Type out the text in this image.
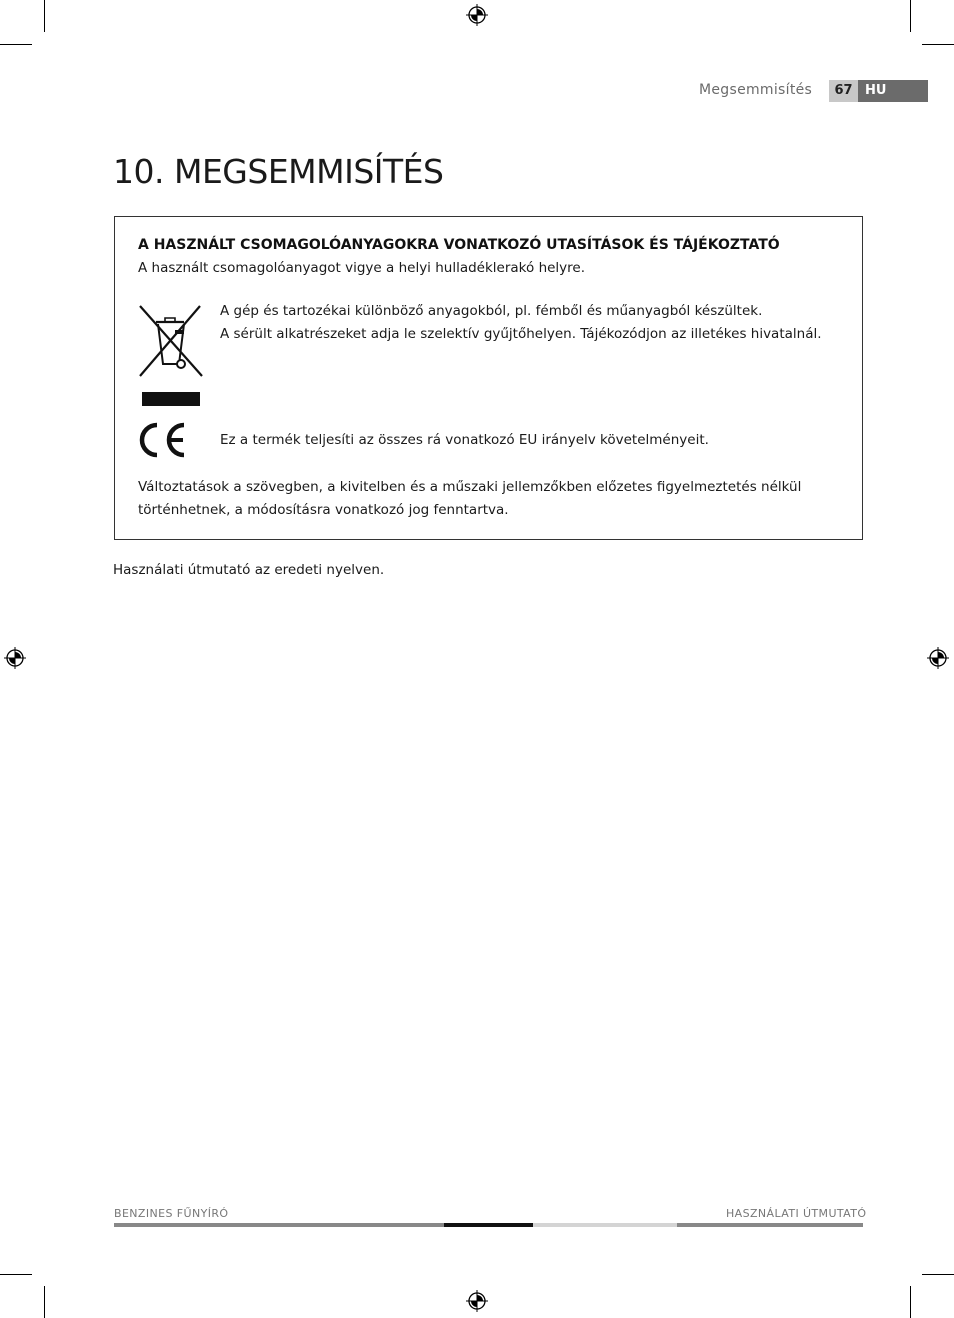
Megsemmisítés	67 HU
10. MEGSEMMISÍTÉS
A HASZNÁLT CSOMAGOLÓANYAGOKRA VONATKOZÓ UTASÍTÁSOK ÉS TÁJÉKOZTATÓ
A használt csomagolóanyagot vigye a helyi hulladéklerakó helyre.
A gép és tartozékai különböző anyagokból, pl. fémből és műanyagból készültek.
A sérült alkatrészeket adja le szelektív gyűjtőhelyen. Tájékozódjon az illetékes hivatalnál.
Ez a termék teljesíti az összes rá vonatkozó EU irányelv követelményeit.
Változtatások a szövegben, a kivitelben és a műszaki jellemzőkben előzetes figyelmeztetés nélkül
történhetnek, a módosításra vonatkozó jog fenntartva.
Használati útmutató az eredeti nyelven.
BENZINES FŰNYÍRÓ	HASZNÁLATI ÚTMUTATÓ
